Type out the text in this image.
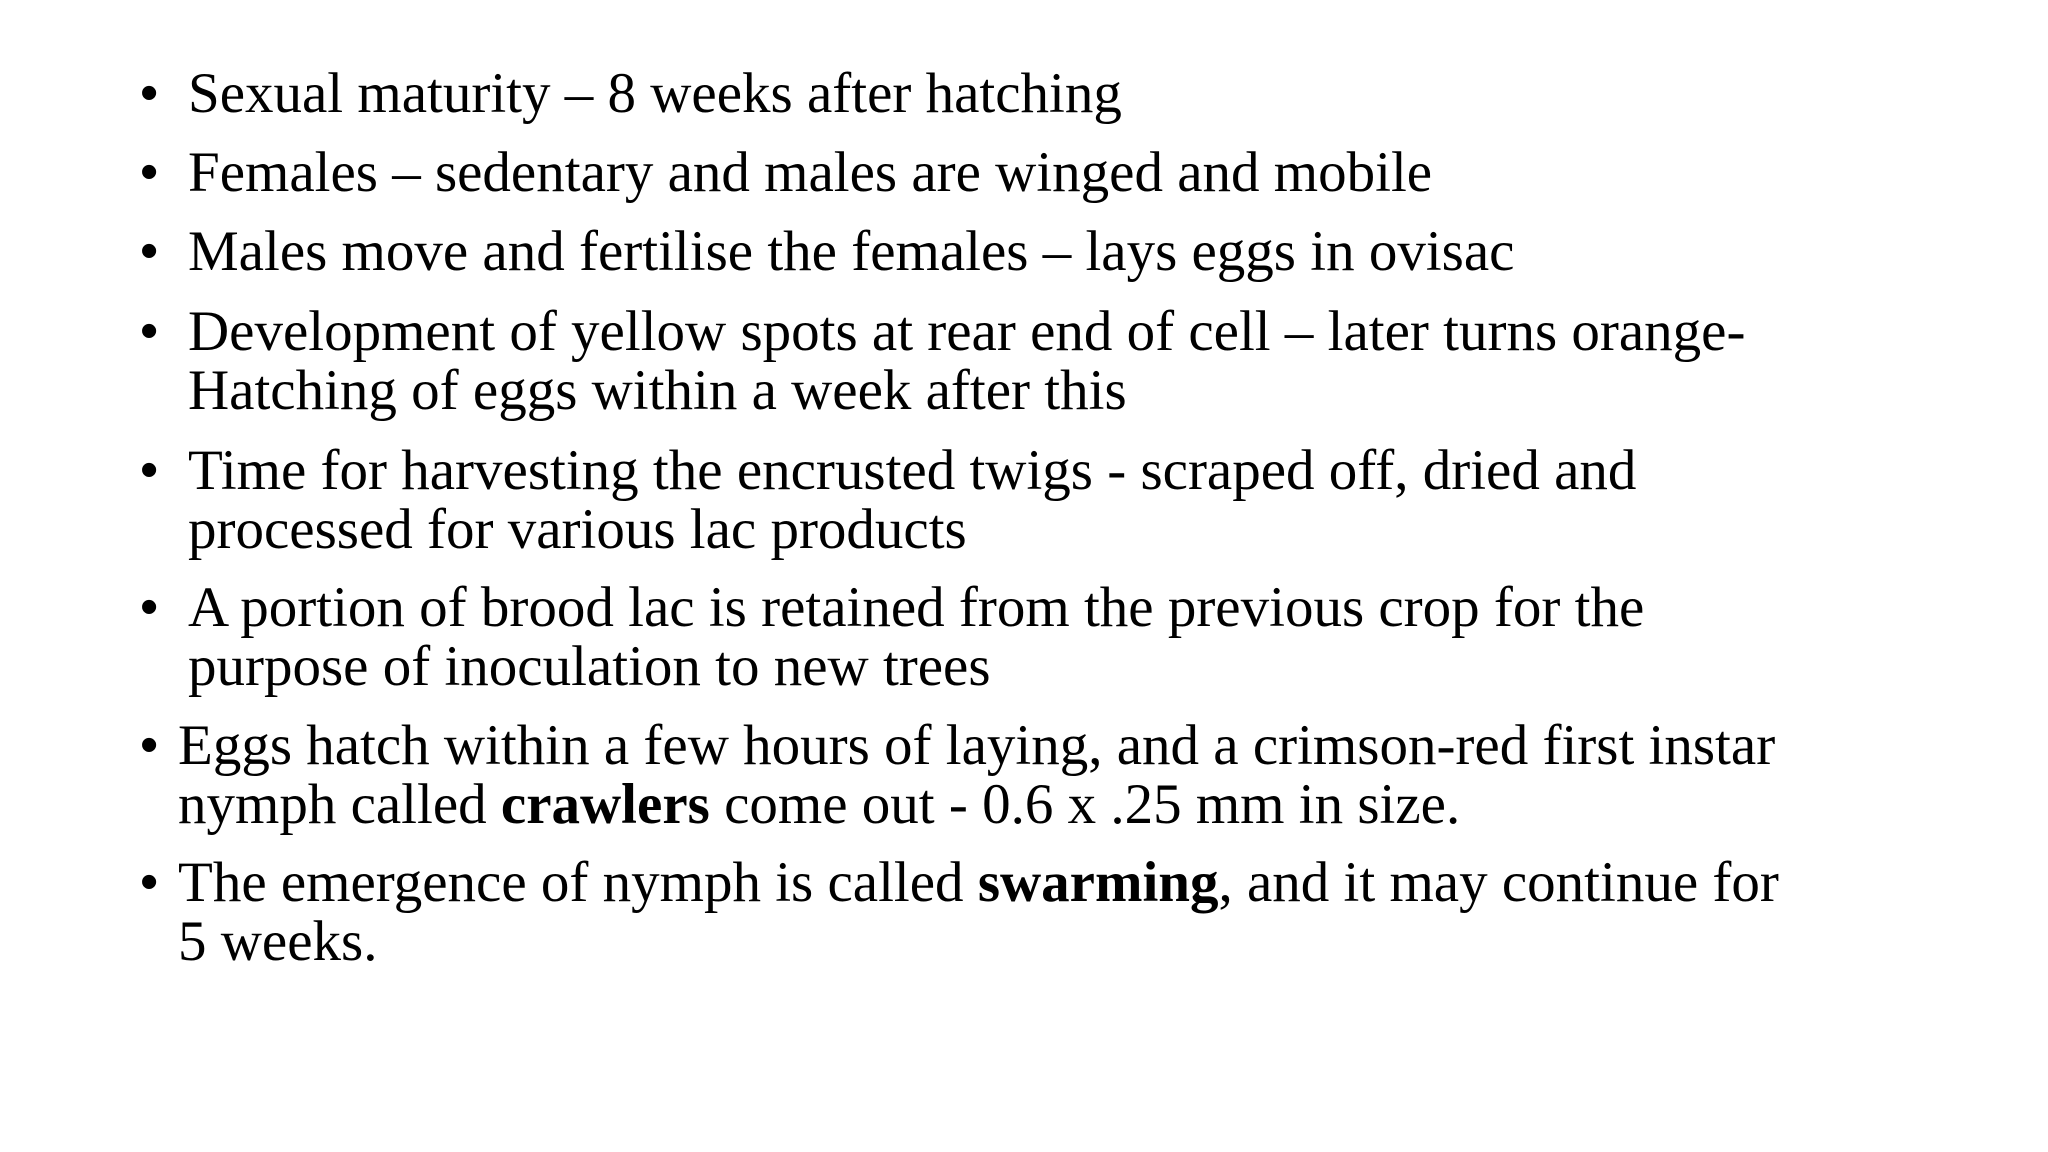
• Sexual maturity – 8 weeks after hatching
• Females – sedentary and males are winged and mobile
• Males move and fertilise the females – lays eggs in ovisac
• Development of yellow spots at rear end of cell – later turns orange-
Hatching of eggs within a week after this
• Time for harvesting the encrusted twigs - scraped off, dried and
processed for various lac products
• A portion of brood lac is retained from the previous crop for the
purpose of inoculation to new trees
• Eggs hatch within a few hours of laying, and a crimson-red first instar
nymph called crawlers come out - 0.6 x .25 mm in size.
• The emergence of nymph is called swarming, and it may continue for
5 weeks.
